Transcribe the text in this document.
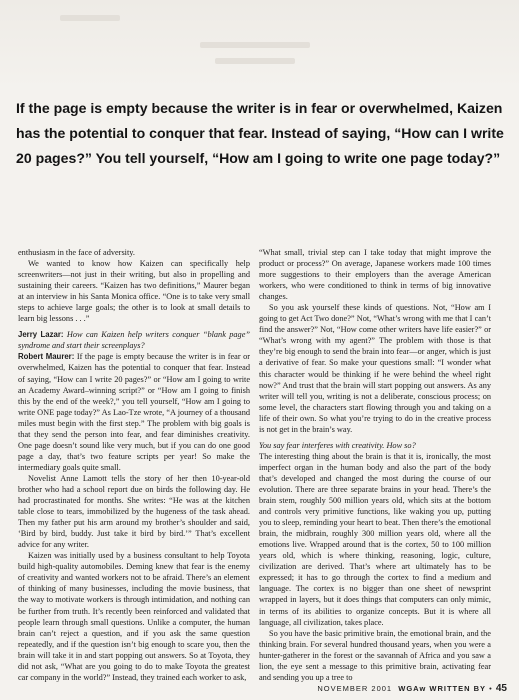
If the page is empty because the writer is in fear or overwhelmed, Kaizen has the potential to conquer that fear. Instead of saying, “How can I write 20 pages?” You tell yourself, “How am I going to write one page today?”

enthusiasm in the face of adversity.

We wanted to know how Kaizen can specifically help screenwriters—not just in their writing, but also in propelling and sustaining their careers. “Kaizen has two definitions,” Maurer began at an interview in his Santa Monica office. “One is to take very small steps to achieve large goals; the other is to look at small details to learn big lessons . . .”

Jerry Lazar: How can Kaizen help writers conquer “blank page” syndrome and start their screenplays?

Robert Maurer: If the page is empty because the writer is in fear or overwhelmed, Kaizen has the potential to conquer that fear. Instead of saying, “How can I write 20 pages?” or “How am I going to write an Academy Award–winning script?” or “How am I going to finish this by the end of the week?,” you tell yourself, “How am I going to write ONE page today?” As Lao-Tze wrote, “A journey of a thousand miles must begin with the first step.” The problem with big goals is that they send the person into fear, and fear diminishes creativity. One page doesn’t sound like very much, but if you can do one good page a day, that’s two feature scripts per year! So make the intermediary goals quite small.

Novelist Anne Lamott tells the story of her then 10-year-old brother who had a school report due on birds the following day. He had procrastinated for months. She writes: “He was at the kitchen table close to tears, immobilized by the hugeness of the task ahead. Then my father put his arm around my brother’s shoulder and said, ‘Bird by bird, buddy. Just take it bird by bird.’” That’s excellent advice for any writer.

Kaizen was initially used by a business consultant to help Toyota build high-quality automobiles. Deming knew that fear is the enemy of creativity and wanted workers not to be afraid. There’s an element of thinking of many businesses, including the movie business, that the way to motivate workers is through intimidation, and nothing can be further from truth. It’s recently been reinforced and validated that people learn through small questions. Unlike a computer, the human brain can’t reject a question, and if you ask the same question repeatedly, and if the question isn’t big enough to scare you, then the brain will take it in and start popping out answers. So at Toyota, they did not ask, “What are you going to do to make Toyota the greatest car company in the world?” Instead, they trained each worker to ask,

“What small, trivial step can I take today that might improve the product or process?” On average, Japanese workers made 100 times more suggestions to their employers than the average American workers, who were conditioned to think in terms of big innovative changes.

So you ask yourself these kinds of questions. Not, “How am I going to get Act Two done?” Not, “What’s wrong with me that I can’t find the answer?” Not, “How come other writers have life easier?” or “What’s wrong with my agent?” The problem with those is that they’re big enough to send the brain into fear—or anger, which is just a derivative of fear. So make your questions small: “I wonder what this character would be thinking if he were behind the wheel right now?” And trust that the brain will start popping out answers. As any writer will tell you, writing is not a deliberate, conscious process; on some level, the characters start flowing through you and taking on a life of their own. So what you’re trying to do in the creative process is not get in the brain’s way.

You say fear interferes with creativity. How so?

The interesting thing about the brain is that it is, ironically, the most imperfect organ in the human body and also the part of the body that’s developed and changed the most during the course of our evolution. There are three separate brains in your head. There’s the brain stem, roughly 500 million years old, which sits at the bottom and controls very primitive functions, like waking you up, putting you to sleep, reminding your heart to beat. Then there’s the emotional brain, the midbrain, roughly 300 million years old, where all the emotions live. Wrapped around that is the cortex, 50 to 100 million years old, which is where thinking, reasoning, logic, culture, civilization are derived. That’s where art ultimately has to be expressed; it has to go through the cortex to find a medium and language. The cortex is no bigger than one sheet of newsprint wrapped in layers, but it does things that computers can only mimic, in terms of its abilities to organize concepts. But it is where all language, all civilization, takes place.

So you have the basic primitive brain, the emotional brain, and the thinking brain. For several hundred thousand years, when you were a hunter-gatherer in the forest or the savannah of Africa and you saw a lion, the eye sent a message to this primitive brain, activating fear and sending you up a tree to

NOVEMBER 2001 WGAw WRITTEN BY • 45
